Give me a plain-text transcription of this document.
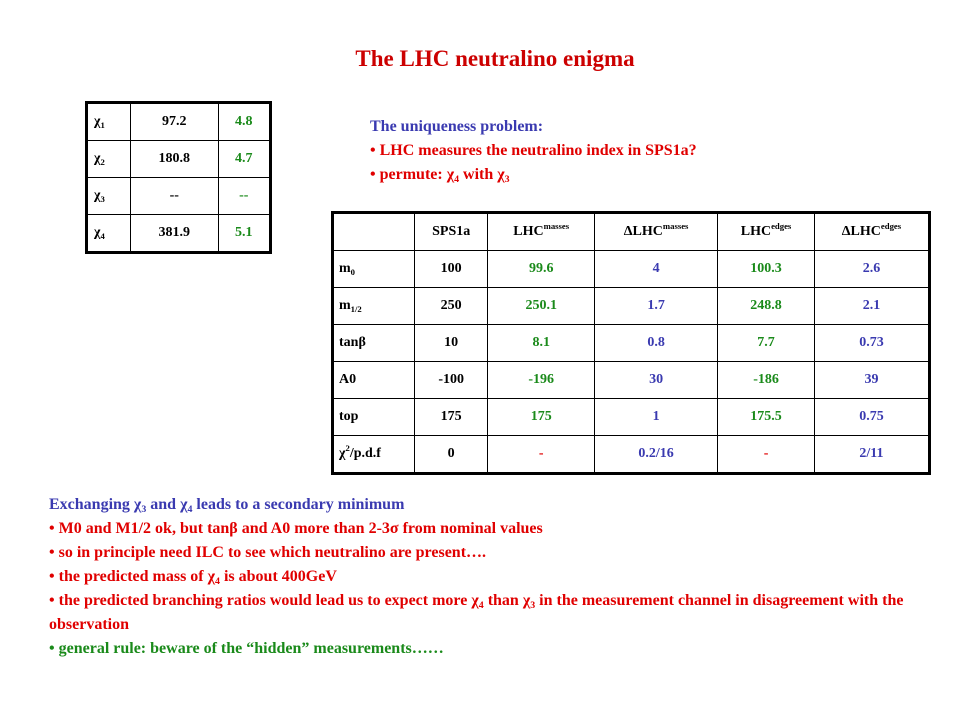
The LHC neutralino enigma
$\chi_1$	97.2	4.8
$\chi_2$	180.8	4.7
$\chi_3$	--	--
$\chi_4$	381.9	5.1
The uniqueness problem:
• LHC measures the neutralino index in SPS1a?
• permute: $\chi_4$ with $\chi_3$
	SPS1a	$LHC^{masses}$	$\Delta LHC^{masses}$	$LHC^{edges}$	$\Delta LHC^{edges}$
$m_0$	100	99.6	4	100.3	2.6
$m_{1/2}$	250	250.1	1.7	248.8	2.1
tanβ	10	8.1	0.8	7.7	0.73
A0	-100	-196	30	-186	39
top	175	175	1	175.5	0.75
$\chi^2/p.d.f$	0	-	0.2/16	-	2/11
Exchanging $\chi_3$ and $\chi_4$ leads to a secondary minimum
• M0 and M1/2 ok, but tanβ and A0 more than 2-3σ from nominal values
• so in principle need ILC to see which neutralino are present….
• the predicted mass of $\chi_4$ is about 400GeV
• the predicted branching ratios would lead us to expect more $\chi_4$ than $\chi_3$ in the measurement channel in disagreement with the observation
• general rule: beware of the “hidden” measurements……
